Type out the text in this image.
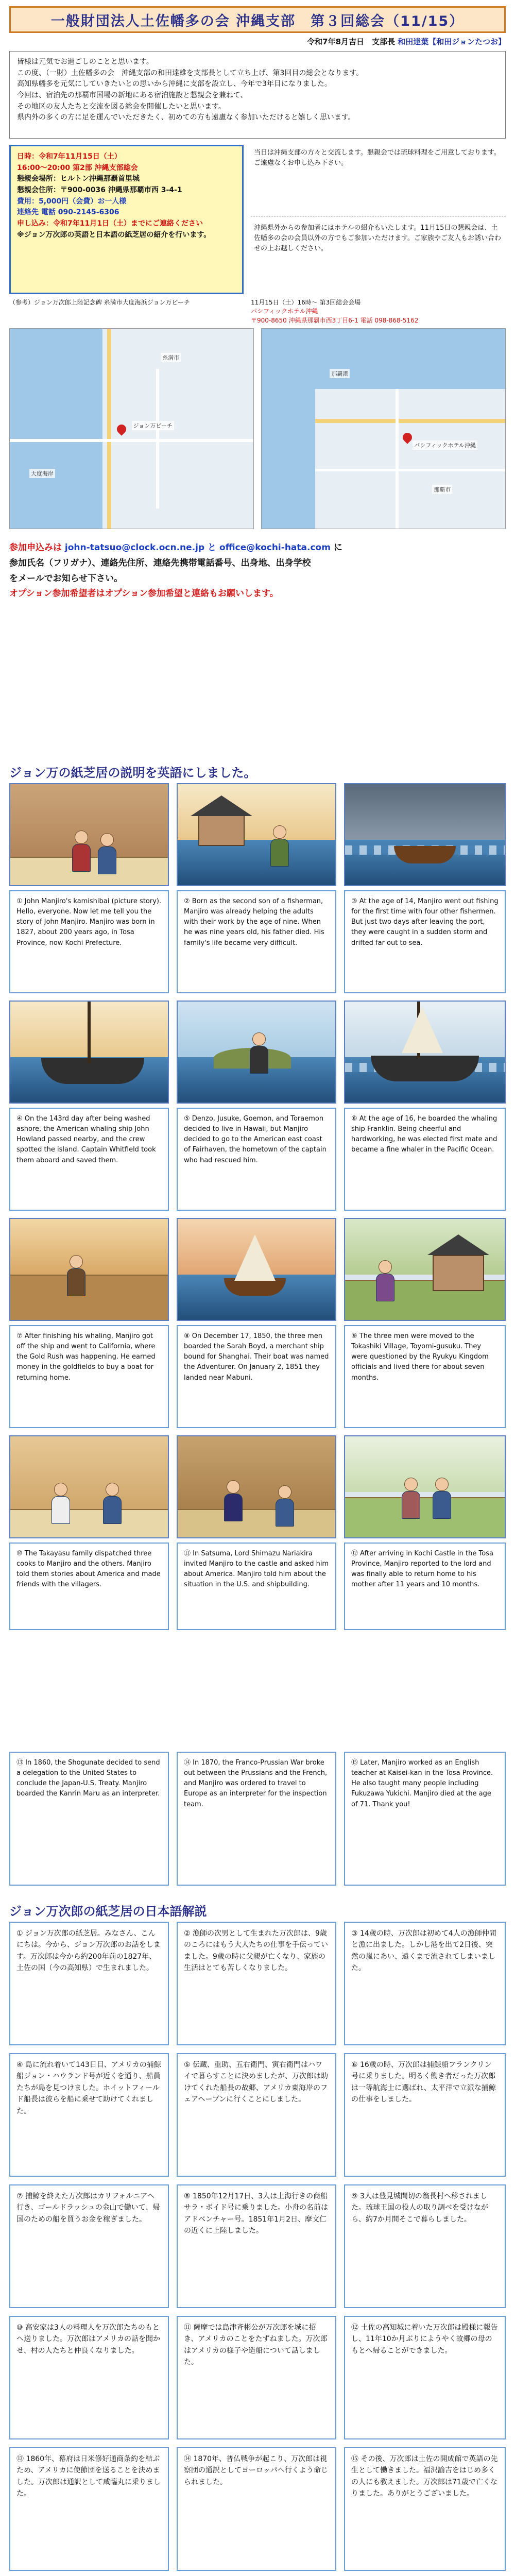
一般財団法人土佐幡多の会 沖縄支部　第３回総会（11/15）
令和7年8月吉日　支部長 和田達葉【和田ジョンたつお】
皆様は元気でお過ごしのことと思います。
この度、（一財）土佐幡多の会　沖縄支部の和田達雄を支部長として立ち上げ、第3回目の総会となります。
高知県幡多を元気にしていきたいとの思いから沖縄に支部を設立し、今年で3年目になりました。
今回は、宿泊先の那覇市国場の新地にある宿泊施設と懇親会を兼ねて、
その地区の友人たちと交流を図る総会を開催したいと思います。
県内外の多くの方に足を運んでいただきたく、初めての方も遠慮なく参加いただけると嬉しく思います。
日時：令和7年11月15日（土）
16:00～20:00 第2部 沖縄支部総会
懇親会場所：ヒルトン沖縄那覇首里城
懇親会住所：〒900-0036 沖縄県那覇市西 3-4-1
費用：5,000円（会費）お一人様
連絡先 電話 090-2145-6306
申し込み：令和7年11月1日（土）までにご連絡ください
※ジョン万次郎の英語と日本語の紙芝居の紹介を行います。
当日は沖縄支部の方々と交流します。懇親会では琉球料理をご用意しております。ご遠慮なくお申し込み下さい。
沖縄県外からの参加者にはホテルの紹介もいたします。11月15日の懇親会は、土佐幡多の会の会員以外の方でもご参加いただけます。ご家族やご友人もお誘い合わせの上お越しください。
（参考）ジョン万次郎上陸記念碑 糸満市大度海浜ジョン万ビーチ	11月15日（土）16時〜 第3回総会会場
パシフィックホテル沖縄
〒900-8650 沖縄県那覇市西3丁目6-1 電話 098-868-5162
糸満市
ジョン万ビーチ
大度海岸
那覇市
パシフィックホテル沖縄
那覇港
参加申込みは john-tatsuo@clock.ocn.ne.jp と office@kochi-hata.com に
参加氏名（フリガナ）、連絡先住所、連絡先携帯電話番号、出身地、出身学校
をメールでお知らせ下さい。
オプション参加希望者はオプション参加希望と連絡もお願いします。
ジョン万の紙芝居の説明を英語にしました。
① John Manjiro's kamishibai (picture story). Hello, everyone. Now let me tell you the story of John Manjiro. Manjiro was born in 1827, about 200 years ago, in Tosa Province, now Kochi Prefecture.
② Born as the second son of a fisherman, Manjiro was already helping the adults with their work by the age of nine. When he was nine years old, his father died. His family's life became very difficult.
③ At the age of 14, Manjiro went out fishing for the first time with four other fishermen. But just two days after leaving the port, they were caught in a sudden storm and drifted far out to sea.
④ On the 143rd day after being washed ashore, the American whaling ship John Howland passed nearby, and the crew spotted the island. Captain Whitfield took them aboard and saved them.
⑤ Denzo, Jusuke, Goemon, and Toraemon decided to live in Hawaii, but Manjiro decided to go to the American east coast of Fairhaven, the hometown of the captain who had rescued him.
⑥ At the age of 16, he boarded the whaling ship Franklin. Being cheerful and hardworking, he was elected first mate and became a fine whaler in the Pacific Ocean.
⑦ After finishing his whaling, Manjiro got off the ship and went to California, where the Gold Rush was happening. He earned money in the goldfields to buy a boat for returning home.
⑧ On December 17, 1850, the three men boarded the Sarah Boyd, a merchant ship bound for Shanghai. Their boat was named the Adventurer. On January 2, 1851 they landed near Mabuni.
⑨ The three men were moved to the Tokashiki Village, Toyomi-gusuku. They were questioned by the Ryukyu Kingdom officials and lived there for about seven months.
⑩ The Takayasu family dispatched three cooks to Manjiro and the others. Manjiro told them stories about America and made friends with the villagers.
⑪ In Satsuma, Lord Shimazu Nariakira invited Manjiro to the castle and asked him about America. Manjiro told him about the situation in the U.S. and shipbuilding.
⑫ After arriving in Kochi Castle in the Tosa Province, Manjiro reported to the lord and was finally able to return home to his mother after 11 years and 10 months.
⑬ In 1860, the Shogunate decided to send a delegation to the United States to conclude the Japan-U.S. Treaty. Manjiro boarded the Kanrin Maru as an interpreter.
⑭ In 1870, the Franco-Prussian War broke out between the Prussians and the French, and Manjiro was ordered to travel to Europe as an interpreter for the inspection team.
⑮ Later, Manjiro worked as an English teacher at Kaisei-kan in the Tosa Province. He also taught many people including Fukuzawa Yukichi. Manjiro died at the age of 71. Thank you!
ジョン万次郎の紙芝居の日本語解説
① ジョン万次郎の紙芝居。みなさん、こんにちは。今から、ジョン万次郎のお話をします。万次郎は今から約200年前の1827年、土佐の国（今の高知県）で生まれました。
② 漁師の次男として生まれた万次郎は、9歳のころにはもう大人たちの仕事を手伝っていました。9歳の時に父親が亡くなり、家族の生活はとても苦しくなりました。
③ 14歳の時、万次郎は初めて4人の漁師仲間と漁に出ました。しかし港を出て2日後、突然の嵐にあい、遠くまで流されてしまいました。
④ 島に流れ着いて143日目、アメリカの捕鯨船ジョン・ハウランド号が近くを通り、船員たちが島を見つけました。ホイットフィールド船長は彼らを船に乗せて助けてくれました。
⑤ 伝蔵、重助、五右衛門、寅右衛門はハワイで暮らすことに決めましたが、万次郎は助けてくれた船長の故郷、アメリカ東海岸のフェアヘーブンに行くことにしました。
⑥ 16歳の時、万次郎は捕鯨船フランクリン号に乗りました。明るく働き者だった万次郎は一等航海士に選ばれ、太平洋で立派な捕鯨の仕事をしました。
⑦ 捕鯨を終えた万次郎はカリフォルニアへ行き、ゴールドラッシュの金山で働いて、帰国のための船を買うお金を稼ぎました。
⑧ 1850年12月17日、3人は上海行きの商船サラ・ボイド号に乗りました。小舟の名前はアドベンチャー号。1851年1月2日、摩文仁の近くに上陸しました。
⑨ 3人は豊見城間切の翁長村へ移されました。琉球王国の役人の取り調べを受けながら、約7か月間そこで暮らしました。
⑩ 高安家は3人の料理人を万次郎たちのもとへ送りました。万次郎はアメリカの話を聞かせ、村の人たちと仲良くなりました。
⑪ 薩摩では島津斉彬公が万次郎を城に招き、アメリカのことをたずねました。万次郎はアメリカの様子や造船について話しました。
⑫ 土佐の高知城に着いた万次郎は殿様に報告し、11年10か月ぶりにようやく故郷の母のもとへ帰ることができました。
⑬ 1860年、幕府は日米修好通商条約を結ぶため、アメリカに使節団を送ることを決めました。万次郎は通訳として咸臨丸に乗りました。
⑭ 1870年、普仏戦争が起こり、万次郎は視察団の通訳としてヨーロッパへ行くよう命じられました。
⑮ その後、万次郎は土佐の開成館で英語の先生として働きました。福沢諭吉をはじめ多くの人にも教えました。万次郎は71歳で亡くなりました。ありがとうございました。
